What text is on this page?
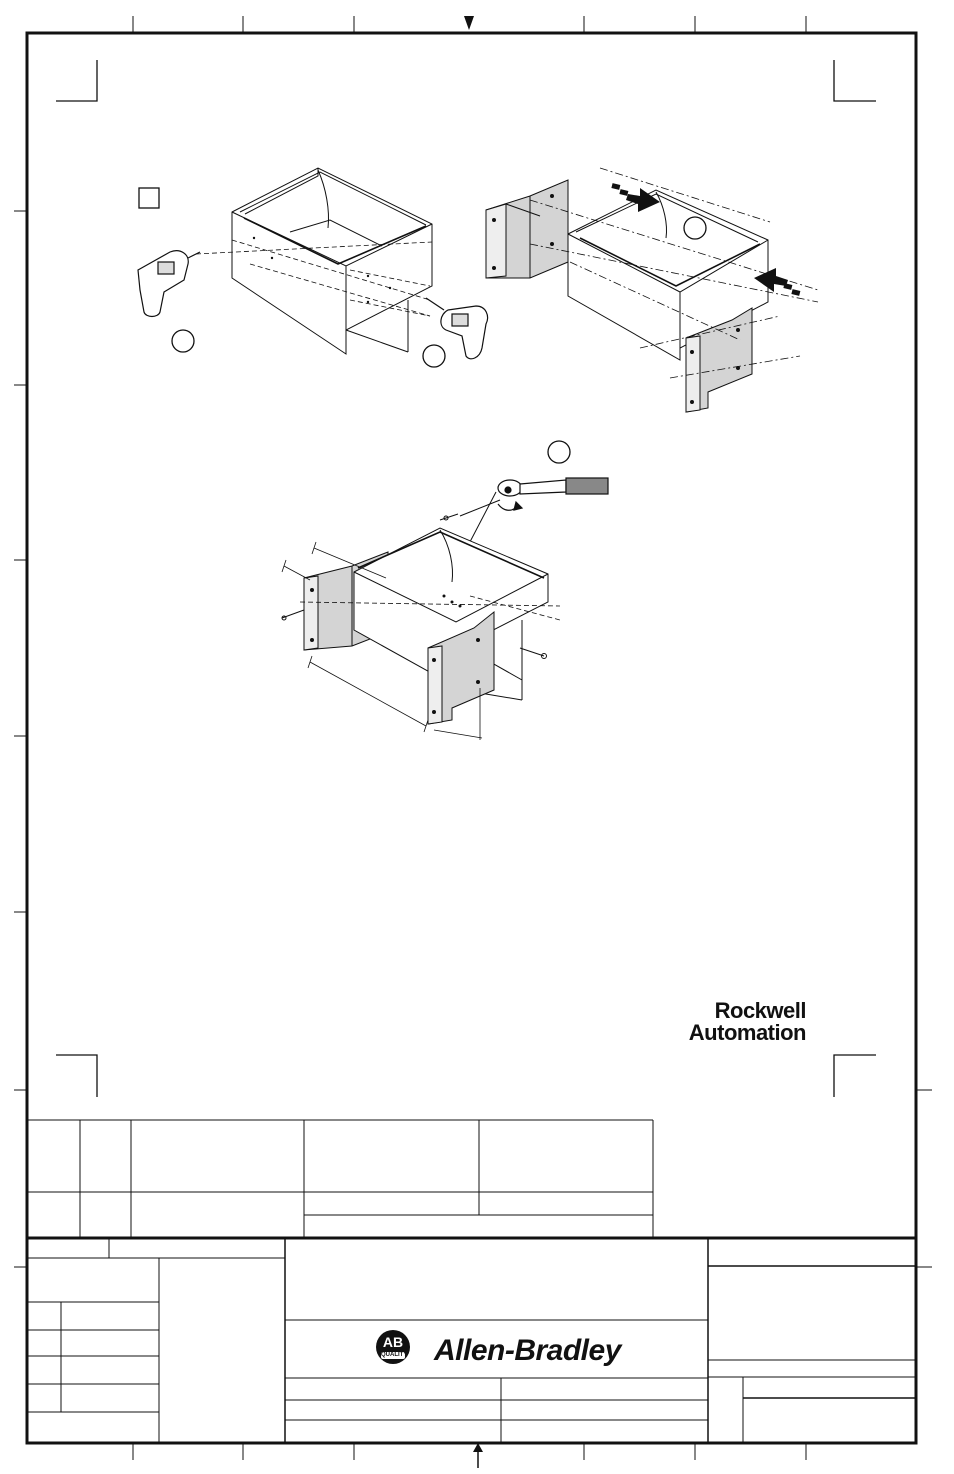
Rockwell
Automation
AB
QUALITY Allen-Bradley
